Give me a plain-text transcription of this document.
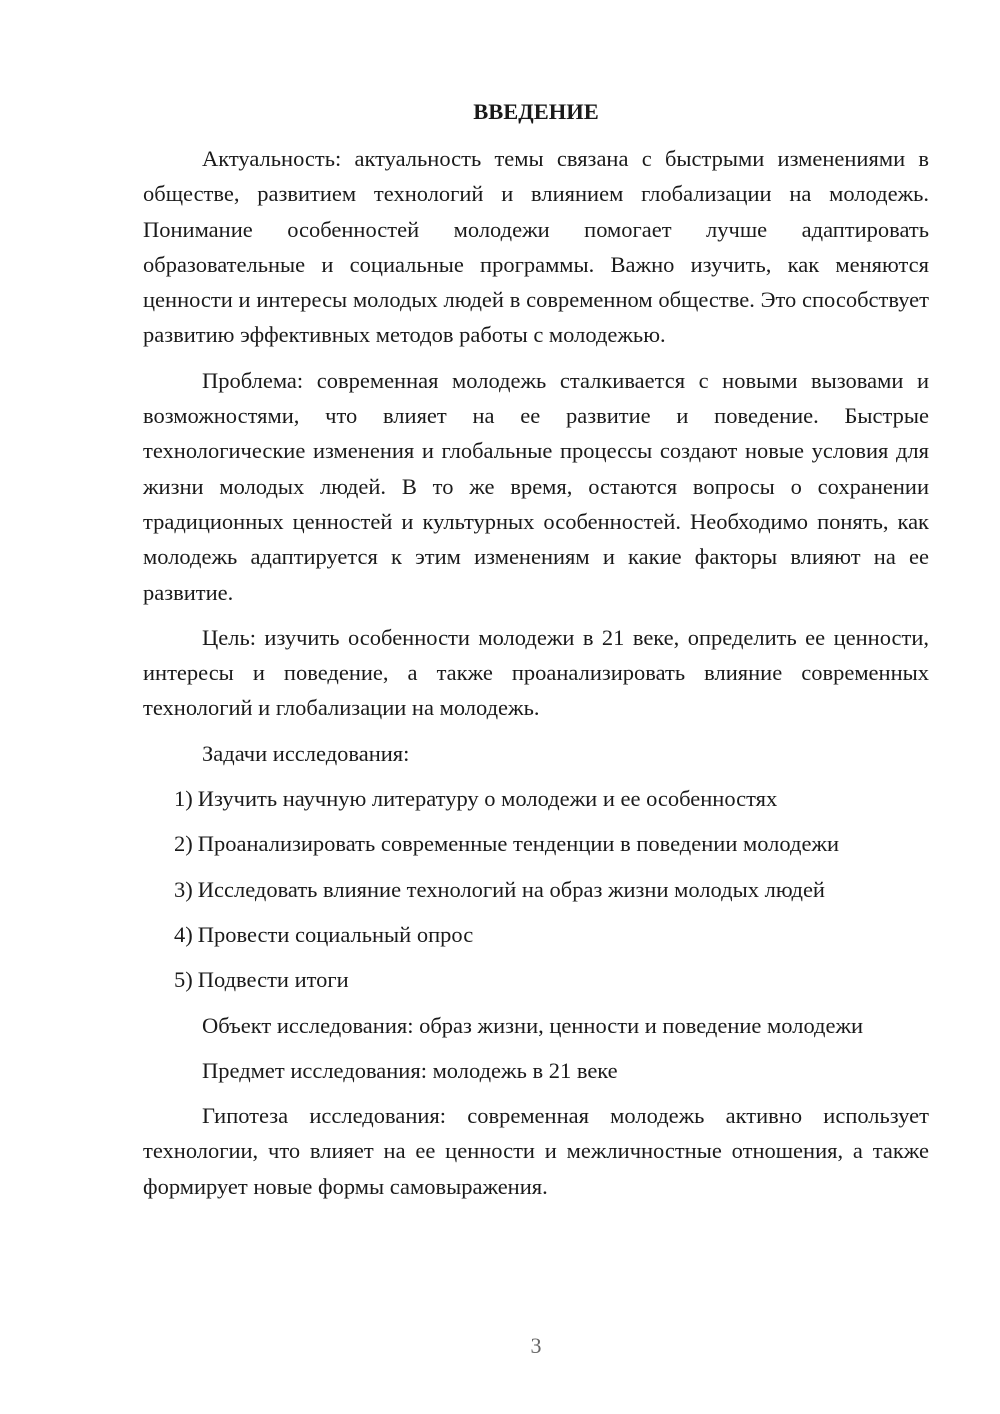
ВВЕДЕНИЕ

Актуальность: актуальность темы связана с быстрыми изменениями в обществе, развитием технологий и влиянием глобализации на молодежь. Понимание особенностей молодежи помогает лучше адаптировать образовательные и социальные программы. Важно изучить, как меняются ценности и интересы молодых людей в современном обществе. Это способствует развитию эффективных методов работы с молодежью.

Проблема: современная молодежь сталкивается с новыми вызовами и возможностями, что влияет на ее развитие и поведение. Быстрые технологические изменения и глобальные процессы создают новые условия для жизни молодых людей. В то же время, остаются вопросы о сохранении традиционных ценностей и культурных особенностей. Необходимо понять, как молодежь адаптируется к этим изменениям и какие факторы влияют на ее развитие.

Цель: изучить особенности молодежи в 21 веке, определить ее ценности, интересы и поведение, а также проанализировать влияние современных технологий и глобализации на молодежь.

Задачи исследования:

1) Изучить научную литературу о молодежи и ее особенностях
2) Проанализировать современные тенденции в поведении молодежи
3) Исследовать влияние технологий на образ жизни молодых людей
4) Провести социальный опрос
5) Подвести итоги

Объект исследования: образ жизни, ценности и поведение молодежи

Предмет исследования: молодежь в 21 веке

Гипотеза исследования: современная молодежь активно использует технологии, что влияет на ее ценности и межличностные отношения, а также формирует новые формы самовыражения.

3
